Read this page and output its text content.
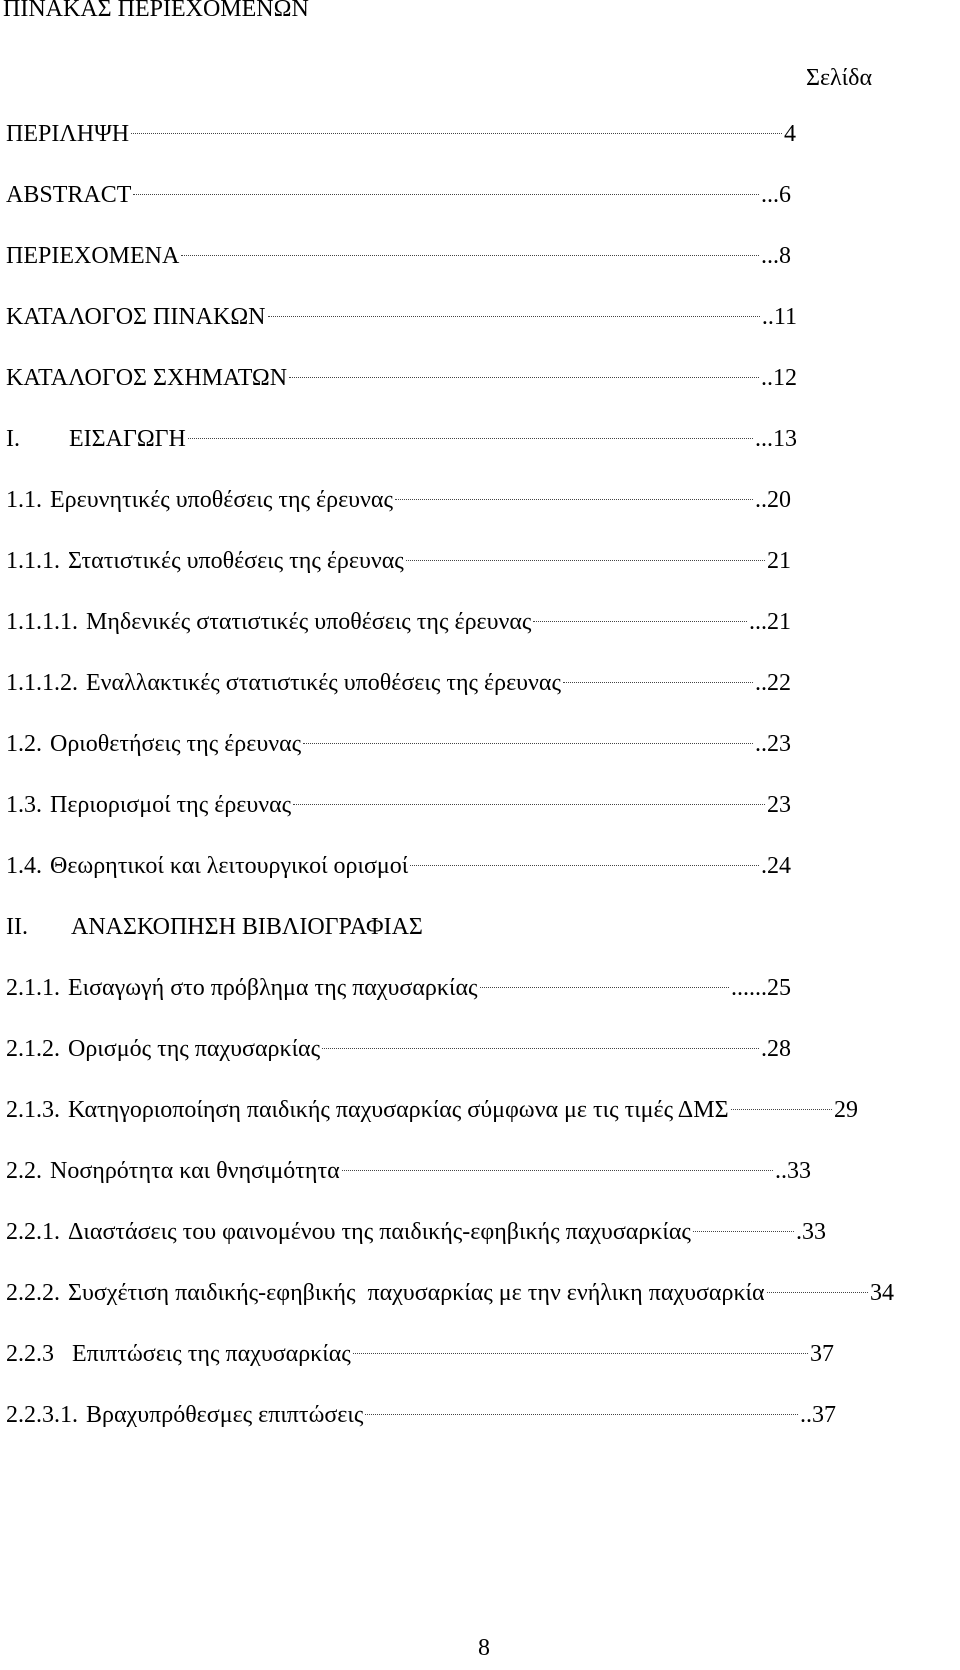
ΠΙΝΑΚΑΣ ΠΕΡΙΕΧΟΜΕΝΩΝ
Σελίδα
ΠΕΡΙΛΗΨΗ	4
ABSTRACT	...6
ΠΕΡΙΕΧΟΜΕΝΑ	...8
ΚΑΤΑΛΟΓΟΣ ΠΙΝΑΚΩΝ	..11
ΚΑΤΑΛΟΓΟΣ ΣΧΗΜΑΤΩΝ	..12
I. ΕΙΣΑΓΩΓΗ	...13
1.1. Ερευνητικές υποθέσεις της έρευνας	..20
1.1.1. Στατιστικές υποθέσεις της έρευνας	21
1.1.1.1. Μηδενικές στατιστικές υποθέσεις της έρευνας	...21
1.1.1.2. Εναλλακτικές στατιστικές υποθέσεις της έρευνας	..22
1.2. Οριοθετήσεις της έρευνας	..23
1.3. Περιορισμοί της έρευνας	23
1.4. Θεωρητικοί και λειτουργικοί ορισμοί	.24
II. ΑΝΑΣΚΟΠΗΣΗ ΒΙΒΛΙΟΓΡΑΦΙΑΣ
2.1.1. Εισαγωγή στο πρόβλημα της παχυσαρκίας	......25
2.1.2. Ορισμός της παχυσαρκίας	.28
2.1.3. Κατηγοριοποίηση παιδικής παχυσαρκίας σύμφωνα με τις τιμές ΔΜΣ	29
2.2. Νοσηρότητα και θνησιμότητα	..33
2.2.1. Διαστάσεις του φαινομένου της παιδικής-εφηβικής παχυσαρκίας	.33
2.2.2. Συσχέτιση παιδικής-εφηβικής  παχυσαρκίας με την ενήλικη παχυσαρκία	34
2.2.3 Επιπτώσεις της παχυσαρκίας	37
2.2.3.1. Βραχυπρόθεσμες επιπτώσεις	..37
8
